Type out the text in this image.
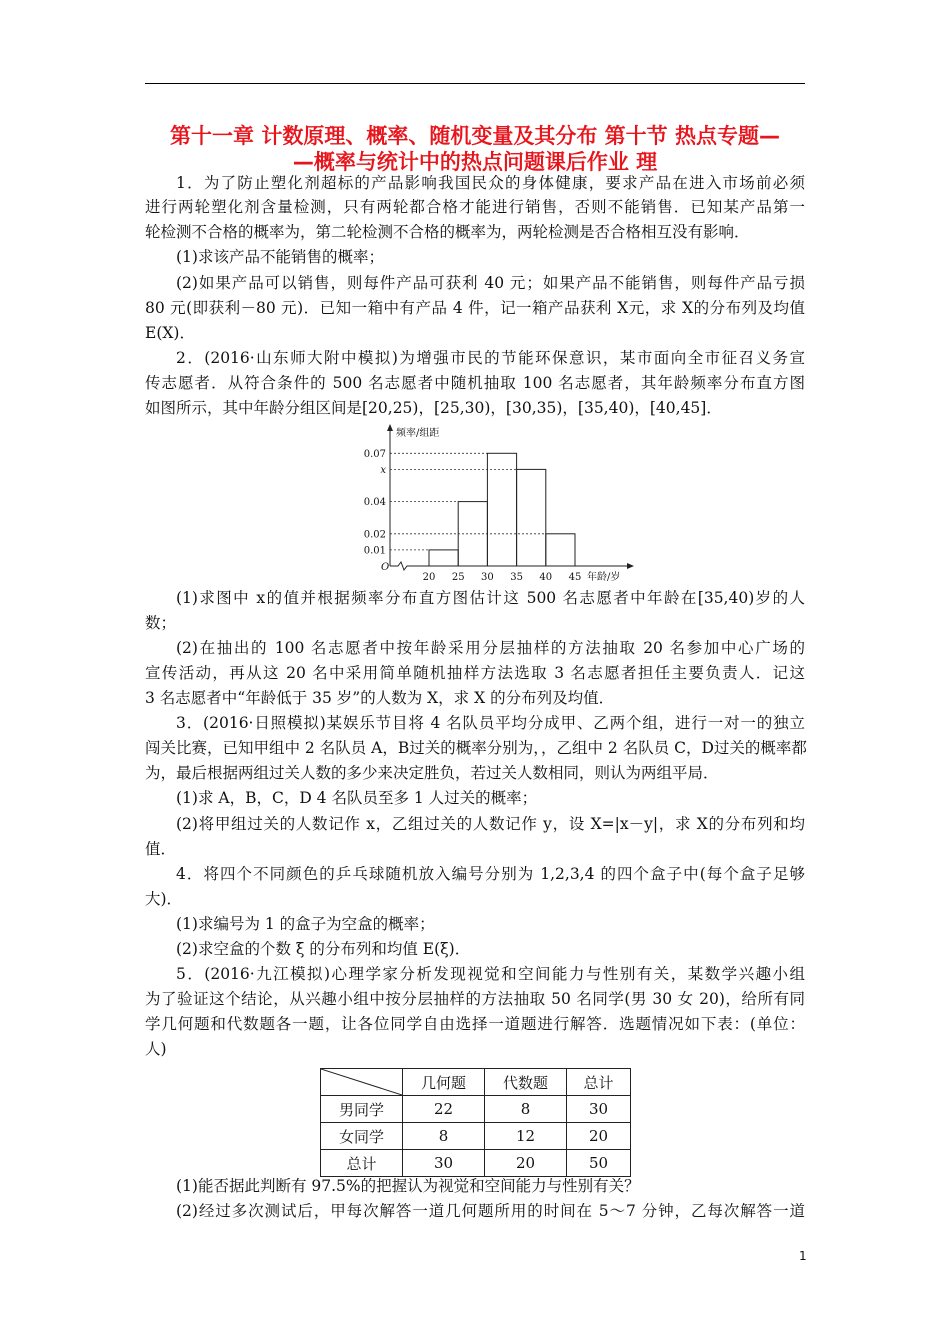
第十一章 计数原理、概率、随机变量及其分布 第十节 热点专题—
—概率与统计中的热点问题课后作业 理
1．为了防止塑化剂超标的产品影响我国民众的身体健康，要求产品在进入市场前必须
进行两轮塑化剂含量检测，只有两轮都合格才能进行销售，否则不能销售．已知某产品第一
轮检测不合格的概率为，第二轮检测不合格的概率为，两轮检测是否合格相互没有影响．
(1)求该产品不能销售的概率；
(2)如果产品可以销售，则每件产品可获利 40 元；如果产品不能销售，则每件产品亏损
80 元(即获利－80 元)．已知一箱中有产品 4 件，记一箱产品获利 X元，求 X的分布列及均值
E(X)．
2．(2016·山东师大附中模拟)为增强市民的节能环保意识，某市面向全市征召义务宣
传志愿者．从符合条件的 500 名志愿者中随机抽取 100 名志愿者，其年龄频率分布直方图
如图所示，其中年龄分组区间是[20,25)，[25,30)，[30,35)，[35,40)，[40,45]．
0.07
x
0.04
0.02
0.01
O
20 25 30 35 40 45 年龄/岁
频率/组距
(1)求图中 x的值并根据频率分布直方图估计这 500 名志愿者中年龄在[35,40)岁的人
数；
(2)在抽出的 100 名志愿者中按年龄采用分层抽样的方法抽取 20 名参加中心广场的
宣传活动，再从这 20 名中采用简单随机抽样方法选取 3 名志愿者担任主要负责人．记这
3 名志愿者中“年龄低于 35 岁”的人数为 X，求 X 的分布列及均值．
3．(2016·日照模拟)某娱乐节目将 4 名队员平均分成甲、乙两个组，进行一对一的独立
闯关比赛，已知甲组中 2 名队员 A，B过关的概率分别为，，乙组中 2 名队员 C，D过关的概率都
为，最后根据两组过关人数的多少来决定胜负，若过关人数相同，则认为两组平局．
(1)求 A，B，C，D 4 名队员至多 1 人过关的概率；
(2)将甲组过关的人数记作 x，乙组过关的人数记作 y，设 X=|x－y|，求 X的分布列和均
值．
4．将四个不同颜色的乒乓球随机放入编号分别为 1,2,3,4 的四个盒子中(每个盒子足够
大)．
(1)求编号为 1 的盒子为空盒的概率；
(2)求空盒的个数 ξ 的分布列和均值 E(ξ)．
5．(2016·九江模拟)心理学家分析发现视觉和空间能力与性别有关，某数学兴趣小组
为了验证这个结论，从兴趣小组中按分层抽样的方法抽取 50 名同学(男 30 女 20)，给所有同
学几何题和代数题各一题，让各位同学自由选择一道题进行解答．选题情况如下表：(单位：
人)
	几何题	代数题	总计
男同学	22	8	30
女同学	8	12	20
总计	30	20	50
(1)能否据此判断有 97.5%的把握认为视觉和空间能力与性别有关？
(2)经过多次测试后，甲每次解答一道几何题所用的时间在 5～7 分钟，乙每次解答一道
1
